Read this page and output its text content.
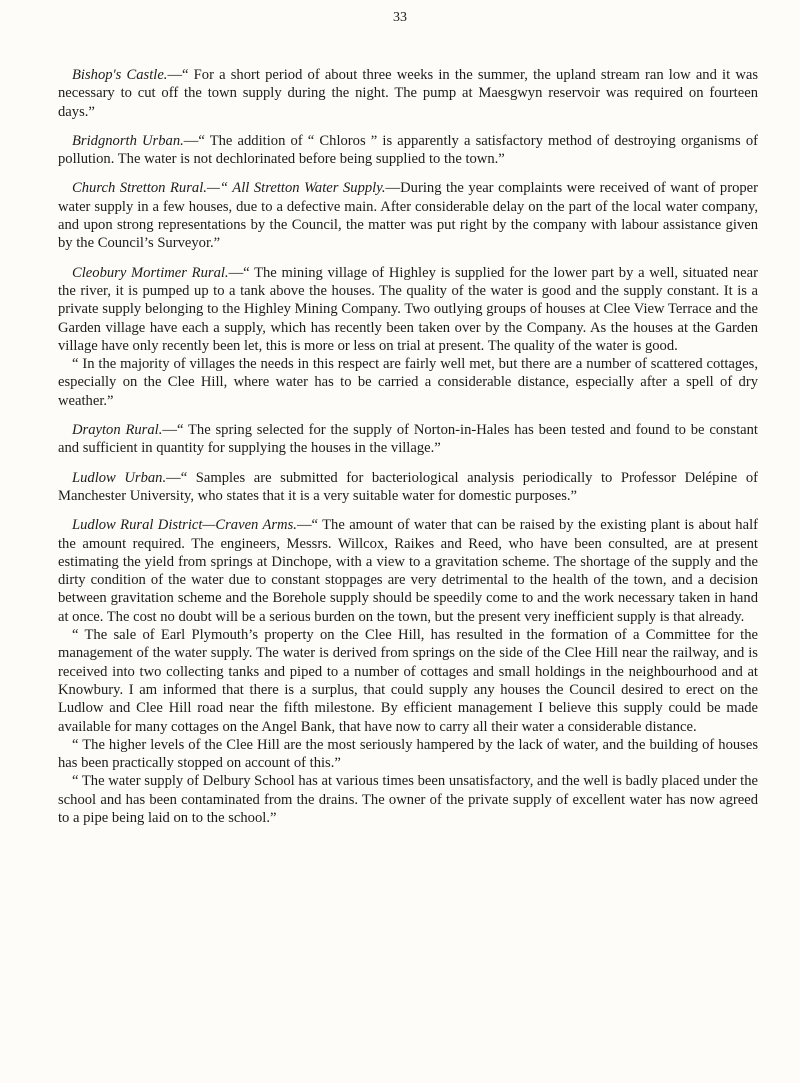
33

Bishop's Castle.—“ For a short period of about three weeks in the summer, the upland stream ran low and it was necessary to cut off the town supply during the night. The pump at Maesgwyn reservoir was required on fourteen days.”

Bridgnorth Urban.—“ The addition of “ Chloros ” is apparently a satisfactory method of destroying organisms of pollution. The water is not dechlorinated before being supplied to the town.”

Church Stretton Rural.—“ All Stretton Water Supply.—During the year complaints were received of want of proper water supply in a few houses, due to a defective main. After considerable delay on the part of the local water company, and upon strong representations by the Council, the matter was put right by the company with labour assistance given by the Council’s Surveyor.”

Cleobury Mortimer Rural.—“ The mining village of Highley is supplied for the lower part by a well, situated near the river, it is pumped up to a tank above the houses. The quality of the water is good and the supply constant. It is a private supply belonging to the Highley Mining Company. Two outlying groups of houses at Clee View Terrace and the Garden village have each a supply, which has recently been taken over by the Company. As the houses at the Garden village have only recently been let, this is more or less on trial at present. The quality of the water is good.

“ In the majority of villages the needs in this respect are fairly well met, but there are a number of scattered cottages, especially on the Clee Hill, where water has to be carried a considerable distance, especially after a spell of dry weather.”

Drayton Rural.—“ The spring selected for the supply of Norton-in-Hales has been tested and found to be constant and sufficient in quantity for supplying the houses in the village.”

Ludlow Urban.—“ Samples are submitted for bacteriological analysis periodically to Professor Delépine of Manchester University, who states that it is a very suitable water for domestic purposes.”

Ludlow Rural District—Craven Arms.—“ The amount of water that can be raised by the existing plant is about half the amount required. The engineers, Messrs. Willcox, Raikes and Reed, who have been consulted, are at present estimating the yield from springs at Dinchope, with a view to a gravitation scheme. The shortage of the supply and the dirty condition of the water due to constant stoppages are very detrimental to the health of the town, and a decision between gravitation scheme and the Borehole supply should be speedily come to and the work necessary taken in hand at once. The cost no doubt will be a serious burden on the town, but the present very inefficient supply is that already.

“ The sale of Earl Plymouth’s property on the Clee Hill, has resulted in the formation of a Committee for the management of the water supply. The water is derived from springs on the side of the Clee Hill near the railway, and is received into two collecting tanks and piped to a number of cottages and small holdings in the neighbourhood and at Knowbury. I am informed that there is a surplus, that could supply any houses the Council desired to erect on the Ludlow and Clee Hill road near the fifth milestone. By efficient management I believe this supply could be made available for many cottages on the Angel Bank, that have now to carry all their water a considerable distance.

“ The higher levels of the Clee Hill are the most seriously hampered by the lack of water, and the building of houses has been practically stopped on account of this.”

“ The water supply of Delbury School has at various times been unsatisfactory, and the well is badly placed under the school and has been contaminated from the drains. The owner of the private supply of excellent water has now agreed to a pipe being laid on to the school.”
